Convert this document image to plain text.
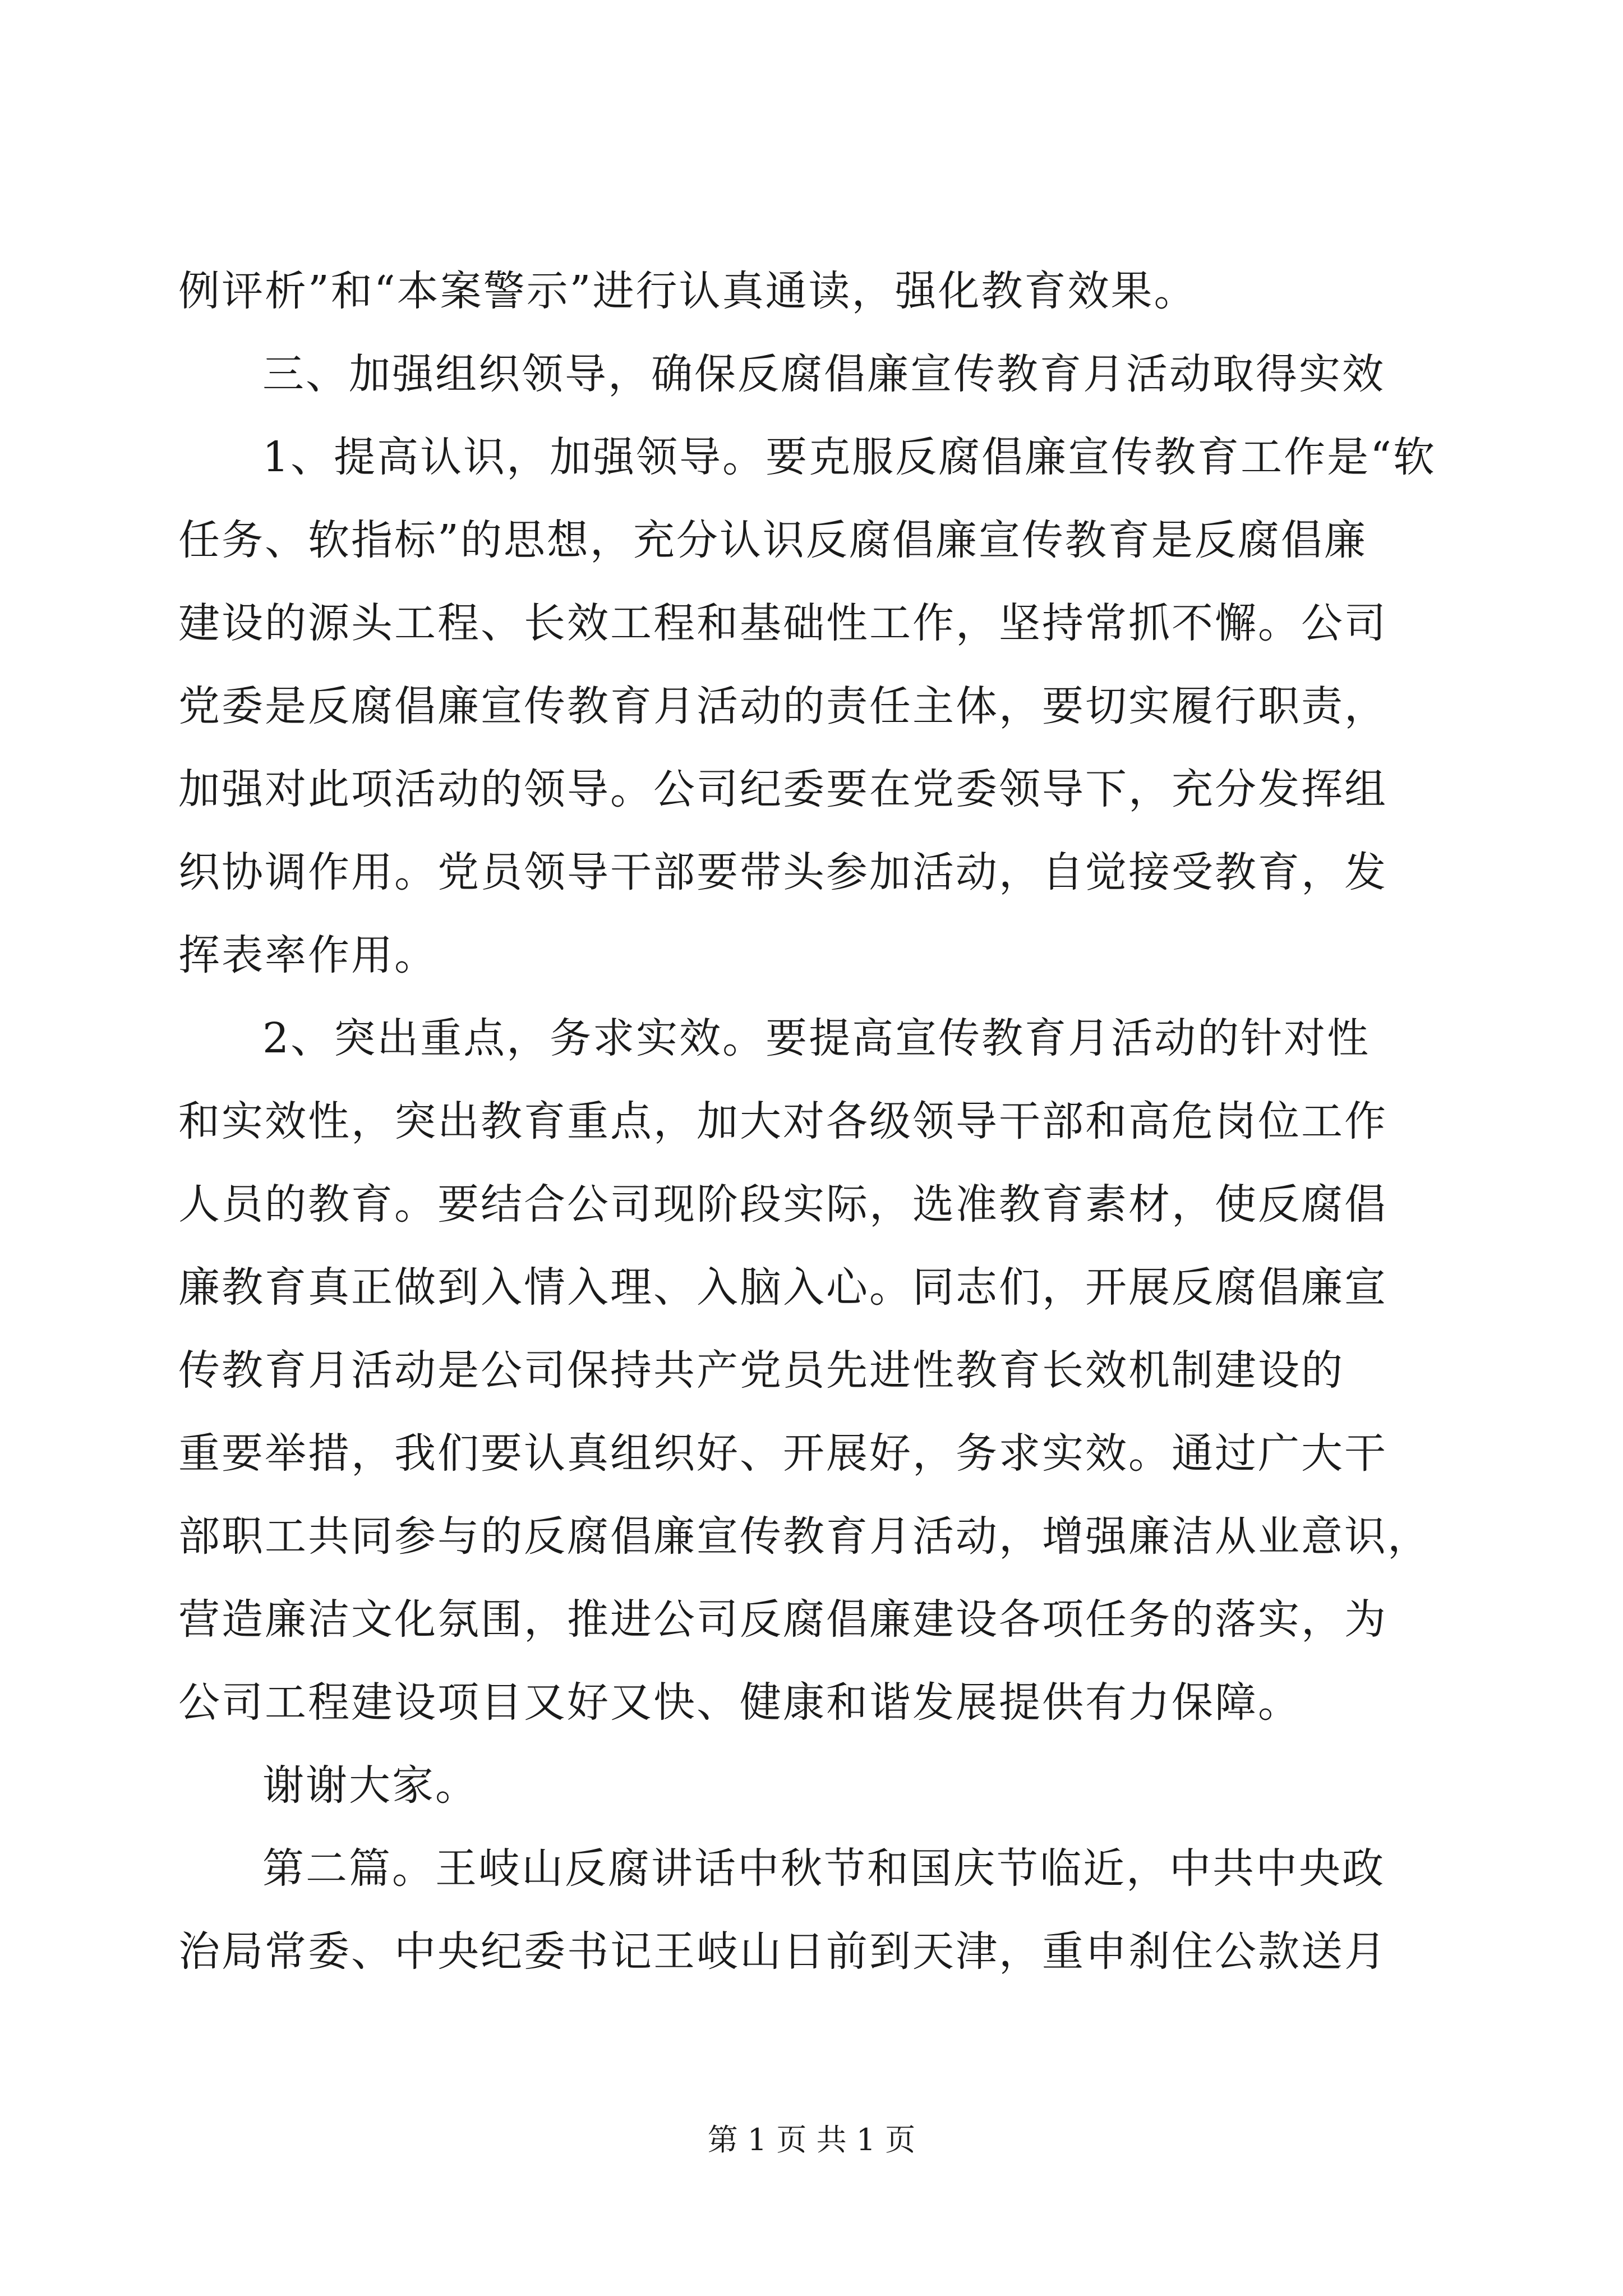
例评析”和“本案警示”进行认真通读，强化教育效果。
三、加强组织领导，确保反腐倡廉宣传教育月活动取得实效
1、提高认识，加强领导。要克服反腐倡廉宣传教育工作是“软
任务、软指标”的思想，充分认识反腐倡廉宣传教育是反腐倡廉
建设的源头工程、长效工程和基础性工作，坚持常抓不懈。公司
党委是反腐倡廉宣传教育月活动的责任主体，要切实履行职责，
加强对此项活动的领导。公司纪委要在党委领导下，充分发挥组
织协调作用。党员领导干部要带头参加活动，自觉接受教育，发
挥表率作用。
2、突出重点，务求实效。要提高宣传教育月活动的针对性
和实效性，突出教育重点，加大对各级领导干部和高危岗位工作
人员的教育。要结合公司现阶段实际，选准教育素材，使反腐倡
廉教育真正做到入情入理、入脑入心。同志们，开展反腐倡廉宣
传教育月活动是公司保持共产党员先进性教育长效机制建设的
重要举措，我们要认真组织好、开展好，务求实效。通过广大干
部职工共同参与的反腐倡廉宣传教育月活动，增强廉洁从业意识，
营造廉洁文化氛围，推进公司反腐倡廉建设各项任务的落实，为
公司工程建设项目又好又快、健康和谐发展提供有力保障。
谢谢大家。
第二篇。王岐山反腐讲话中秋节和国庆节临近，中共中央政
治局常委、中央纪委书记王岐山日前到天津，重申刹住公款送月
第 1 页 共 1 页
